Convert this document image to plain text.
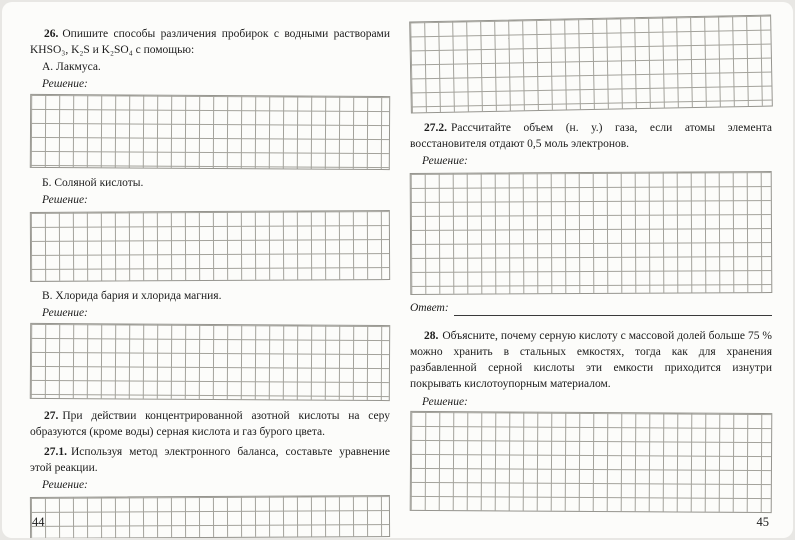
26. Опишите способы различения пробирок с водными растворами KHSO₃, K₂S и K₂SO₄ с помощью:

А. Лакмуса.
Решение:
Б. Соляной кислоты.
Решение:
В. Хлорида бария и хлорида магния.
Решение:

27. При действии концентрированной азотной кислоты на серу образуются (кроме воды) серная кислота и газ бурого цвета.

27.1. Используя метод электронного баланса, составьте уравнение этой реакции.

Решение:

27.2. Рассчитайте объем (н. у.) газа, если атомы элемента восстановителя отдают 0,5 моль электронов.

Решение:
Ответ:

28. Объясните, почему серную кислоту с массовой долей больше 75 % можно хранить в стальных емкостях, тогда как для хранения разбавленной серной кислоты эти емкости приходится изнутри покрывать кислотоупорным материалом.

Решение:
44	45
